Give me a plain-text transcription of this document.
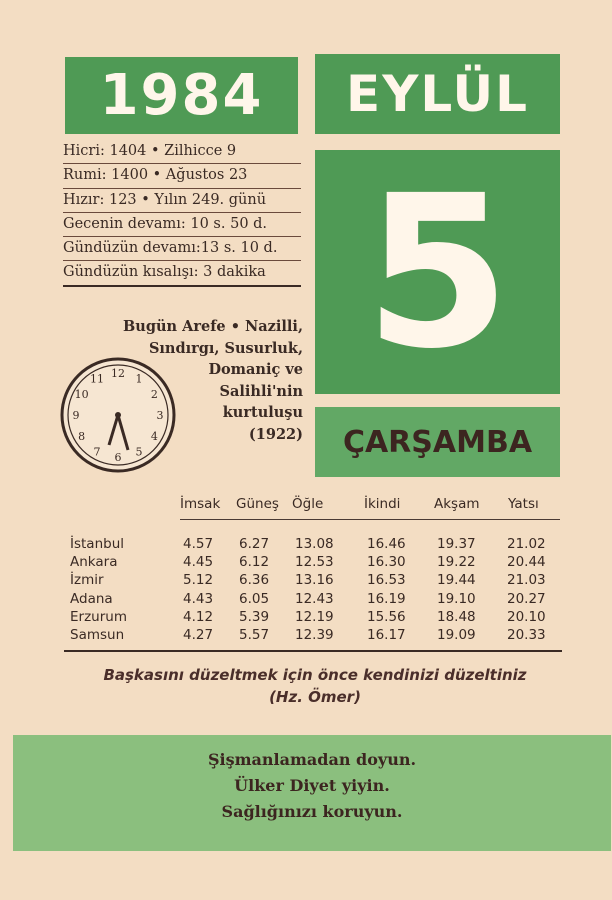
1984 EYLÜL
5
ÇARŞAMBA
Hicri: 1404 • Zilhicce 9
Rumi: 1400 • Ağustos 23
Hızır: 123 • Yılın 249. günü
Gecenin devamı: 10 s. 50 d.
Gündüzün devamı:13 s. 10 d.
Gündüzün kısalışı: 3 dakika
12 1
2
3
4
5
6
7
8
9
10
11
Bugün Arefe • Nazilli,
Sındırgı, Susurluk,
Domaniç ve
Salihli'nin
kurtuluşu
(1922)
İmsak Güneş Öğle	İkindi Akşam Yatsı
İstanbul	4.57 6.27 13.08 16.46 19.37 21.02
Ankara	4.45 6.12 12.53 16.30 19.22 20.44
İzmir	5.12 6.36 13.16 16.53 19.44 21.03
Adana	4.43 6.05 12.43 16.19 19.10 20.27
Erzurum	4.12 5.39 12.19 15.56 18.48 20.10
Samsun	4.27 5.57 12.39 16.17 19.09 20.33
Başkasını düzeltmek için önce kendinizi düzeltiniz
(Hz. Ömer)
Şişmanlamadan doyun.
Ülker Diyet yiyin.
Sağlığınızı koruyun.
